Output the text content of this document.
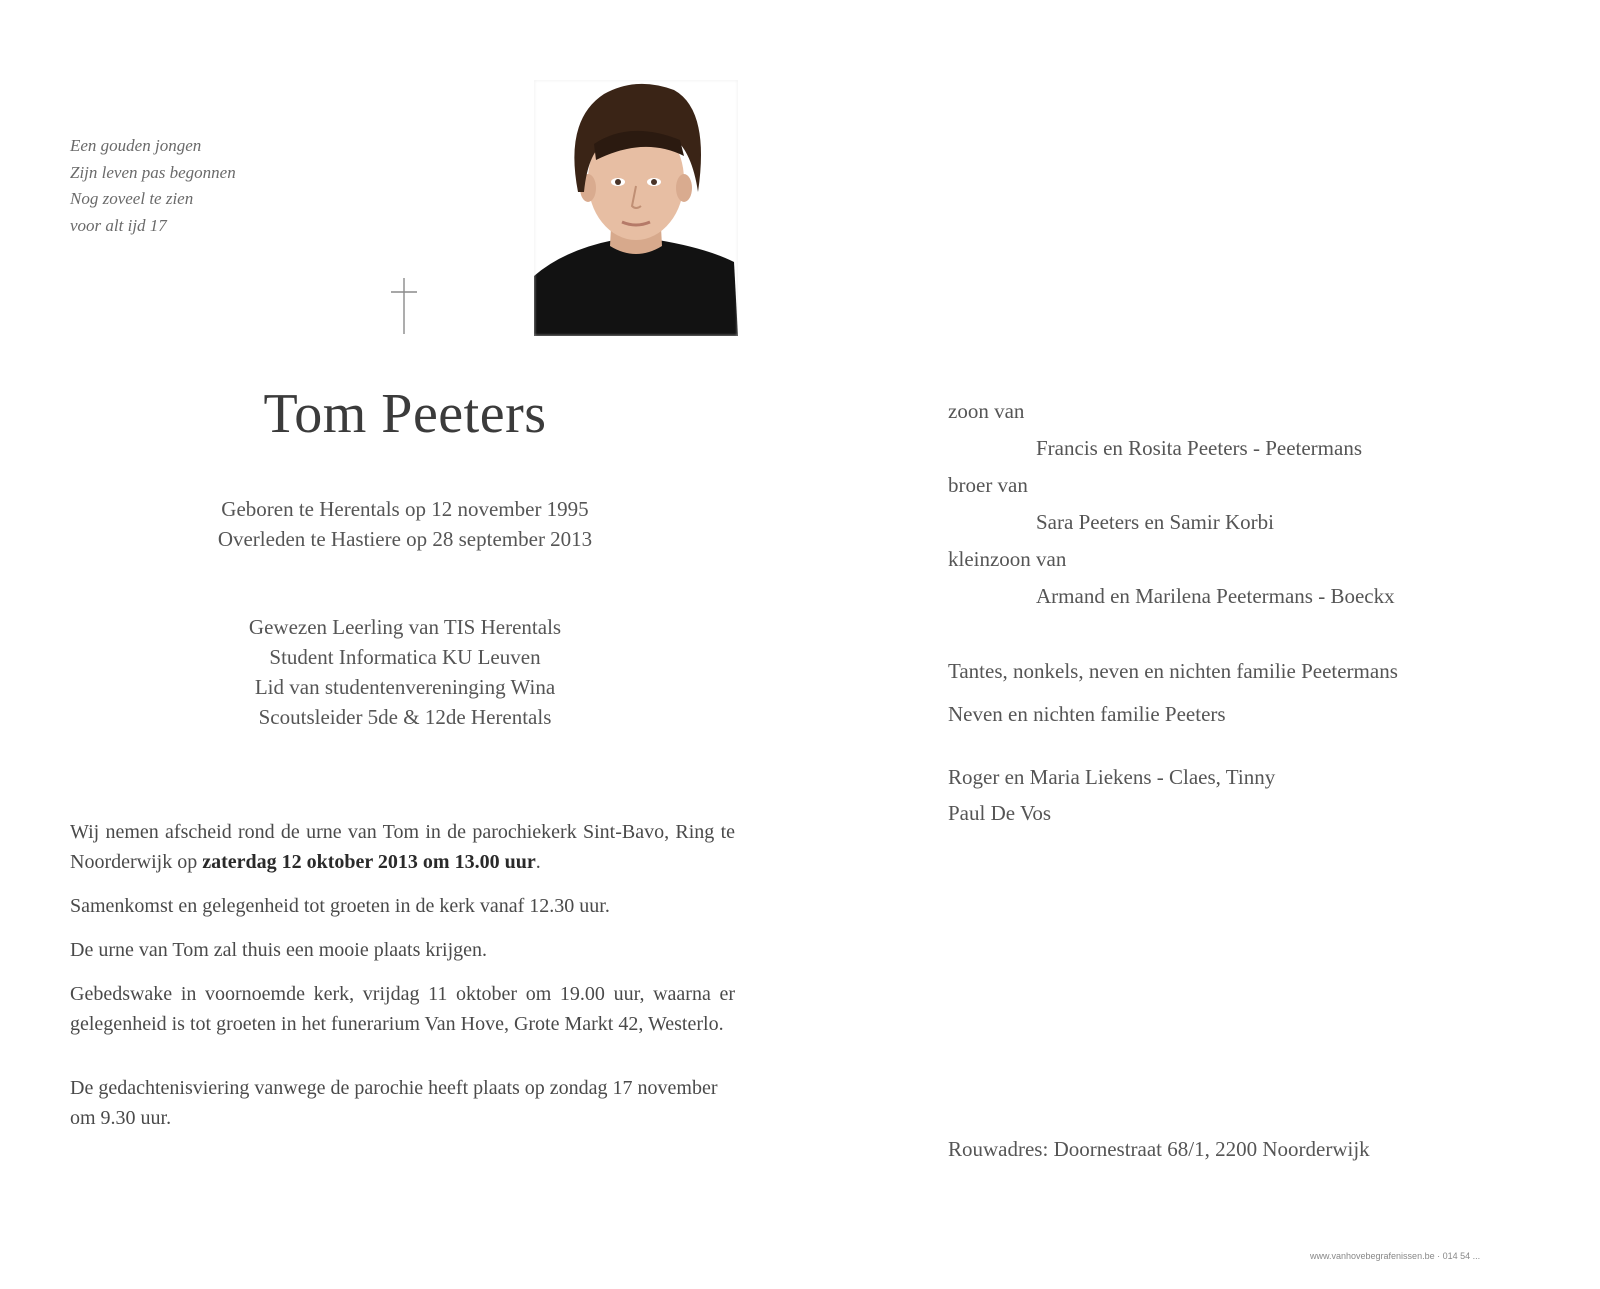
Een gouden jongen
Zijn leven pas begonnen
Nog zoveel te zien
voor alt ijd 17
Tom Peeters
Geboren te Herentals op 12 november 1995
Overleden te Hastiere op 28 september 2013
Gewezen Leerling van TIS Herentals
Student Informatica KU Leuven
Lid van studentenvereninging Wina
Scoutsleider 5de & 12de Herentals

Wij nemen afscheid rond de urne van Tom in de parochiekerk Sint-Bavo, Ring te Noorderwijk op zaterdag 12 oktober 2013 om 13.00 uur.

Samenkomst en gelegenheid tot groeten in de kerk vanaf 12.30 uur.

De urne van Tom zal thuis een mooie plaats krijgen.

Gebedswake in voornoemde kerk, vrijdag 11 oktober om 19.00 uur, waarna er gelegenheid is tot groeten in het funerarium Van Hove, Grote Markt 42, Westerlo.

De gedachtenisviering vanwege de parochie heeft plaats op zondag 17 november om 9.30 uur.

zoon van
Francis en Rosita Peeters - Peetermans
broer van
Sara Peeters en Samir Korbi
kleinzoon van
Armand en Marilena Peetermans - Boeckx
Tantes, nonkels, neven en nichten familie Peetermans
Neven en nichten familie Peeters
Roger en Maria Liekens - Claes, Tinny
Paul De Vos
Rouwadres: Doornestraat 68/1, 2200 Noorderwijk
www.vanhovebegrafenissen.be · 014 54 ...
